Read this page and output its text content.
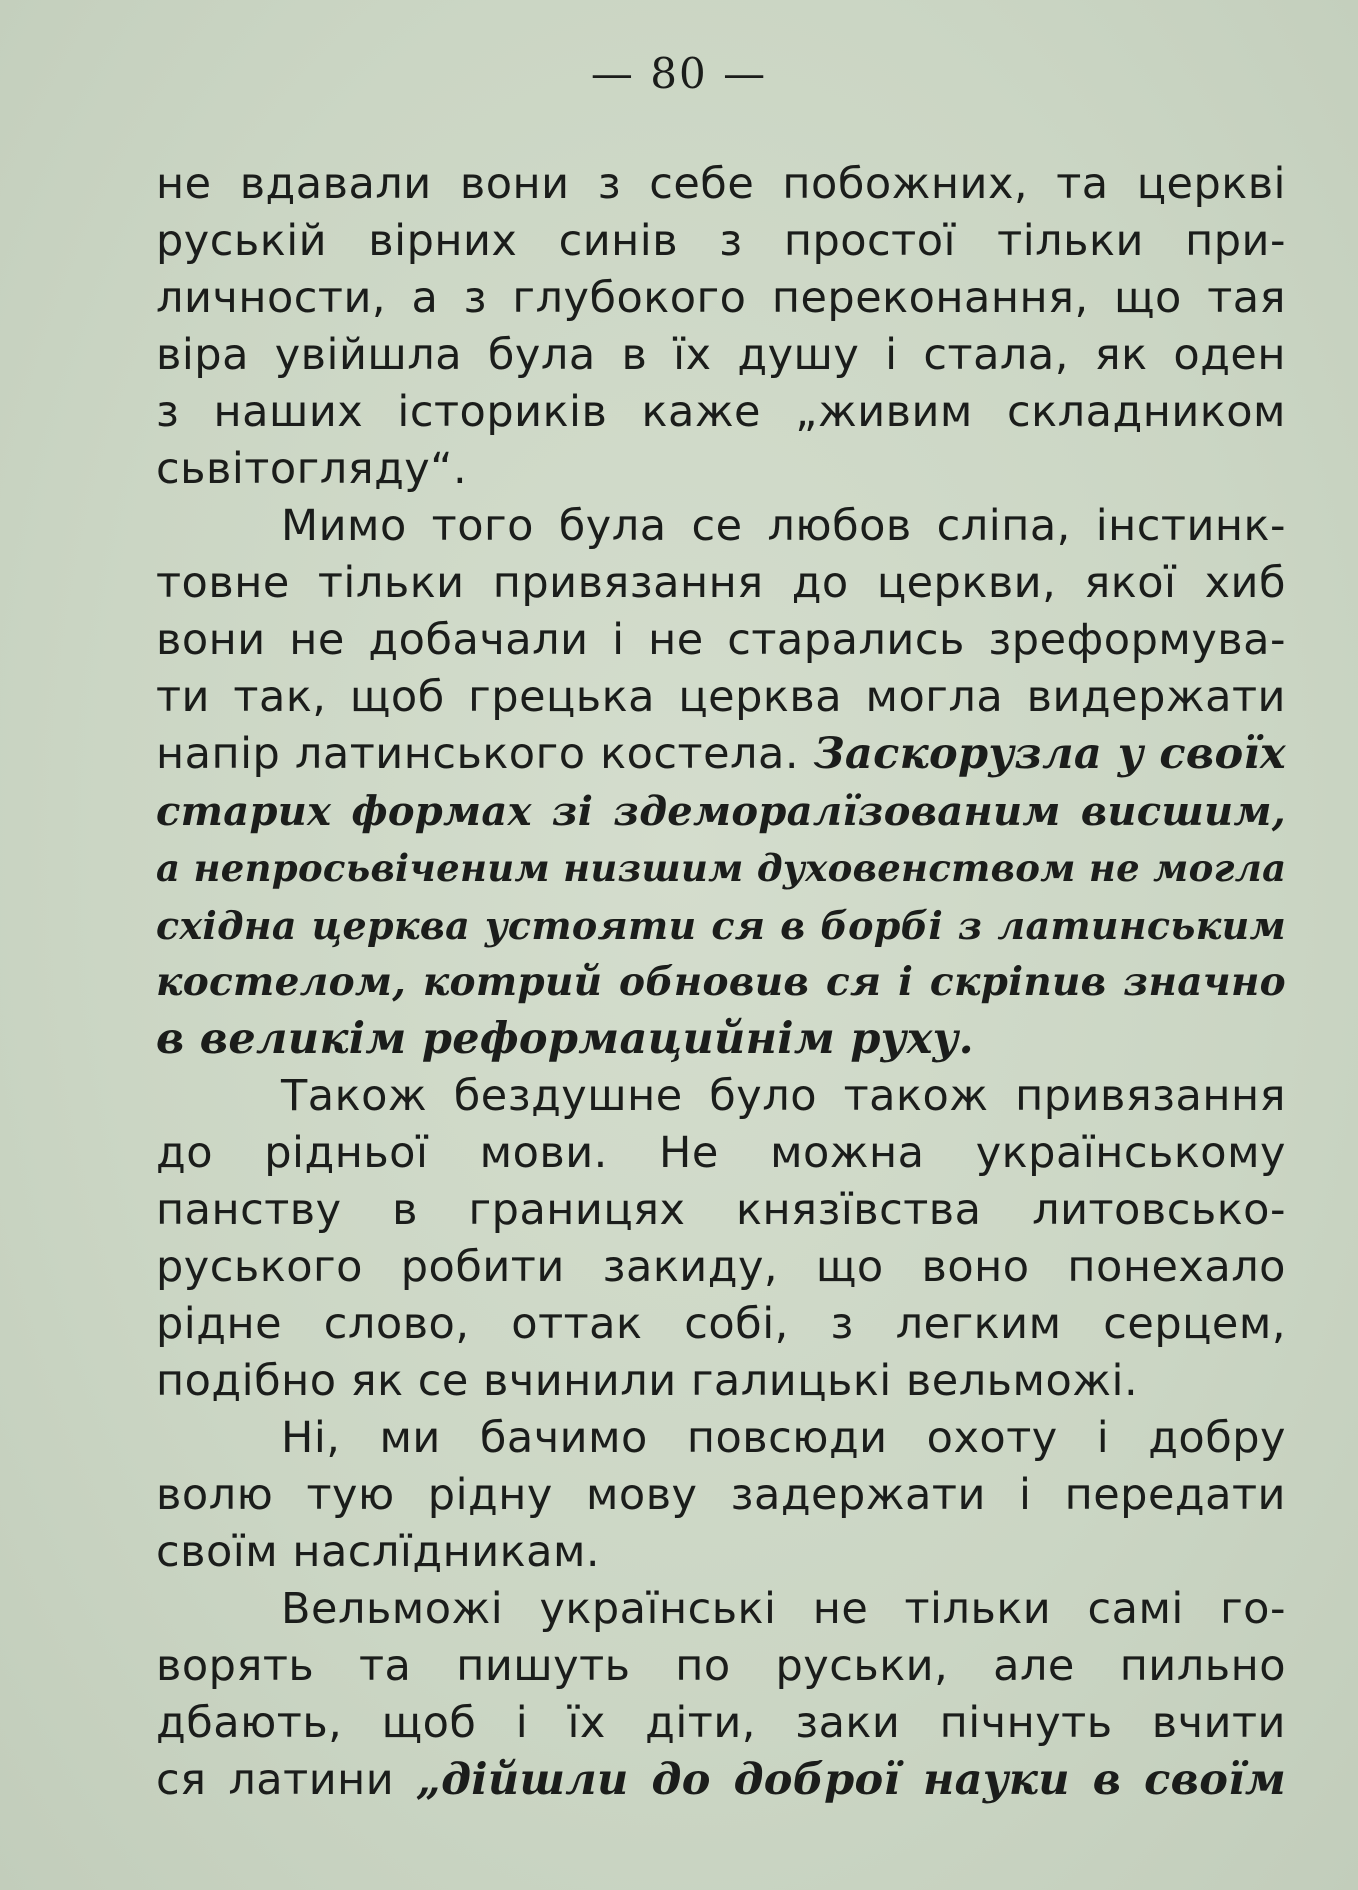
— 80 —
не вдавали вони з себе побожних, та церкві
руській вірних синів з простої тільки при-
личности, а з глубокого переконання, що тая
віра увійшла була в їх душу і стала, як оден
з наших істориків каже „живим складником
сьвітогляду“.
Мимо того була се любов сліпа, інстинк-
товне тільки привязання до церкви, якої хиб
вони не добачали і не старались зреформува-
ти так, щоб грецька церква могла видержати
напір латинського костела. Заскорузла у своїх
старих формах зі здеморалїзованим висшим,
а непросьвіченим низшим духовенством не могла
східна церква устояти ся в борбі з латинським
костелом, котрий обновив ся і скріпив значно
в великім реформацийнім руху.
Також бездушне було також привязання
до рідньої мови. Не можна українському
панству в границях князївства литовсько-
руського робити закиду, що воно понехало
рідне слово, оттак собі, з легким серцем,
подібно як се вчинили галицькі вельможі.
Ні, ми бачимо повсюди охоту і добру
волю тую рідну мову задержати і передати
своїм наслїдникам.
Вельможі українські не тільки самі го-
ворять та пишуть по руськи, але пильно
дбають, щоб і їх діти, заки пічнуть вчити
ся латини „дійшли до доброї науки в своїм
